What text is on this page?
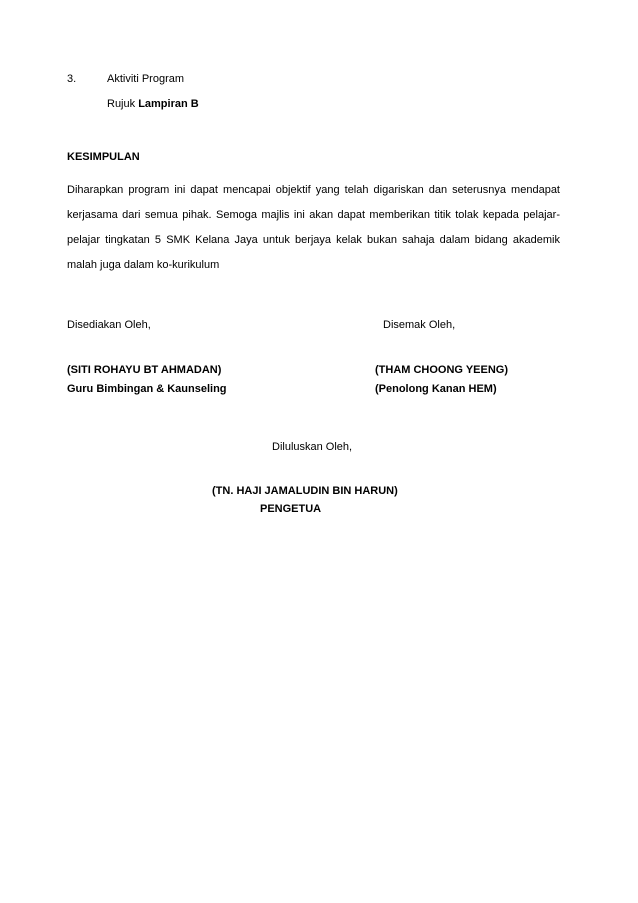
3.	Aktiviti Program
Rujuk Lampiran B
KESIMPULAN
Diharapkan program ini dapat mencapai objektif yang telah digariskan dan seterusnya mendapat kerjasama dari semua pihak. Semoga majlis ini akan dapat memberikan titik tolak kepada pelajar-pelajar tingkatan 5 SMK Kelana Jaya untuk berjaya kelak bukan sahaja dalam bidang akademik malah juga dalam ko-kurikulum
Disediakan Oleh,
(SITI ROHAYU BT AHMADAN)
Guru Bimbingan & Kaunseling
Disemak Oleh,
(THAM CHOONG YEENG)
(Penolong Kanan HEM)
Diluluskan Oleh,
(TN. HAJI JAMALUDIN BIN HARUN)
PENGETUA
